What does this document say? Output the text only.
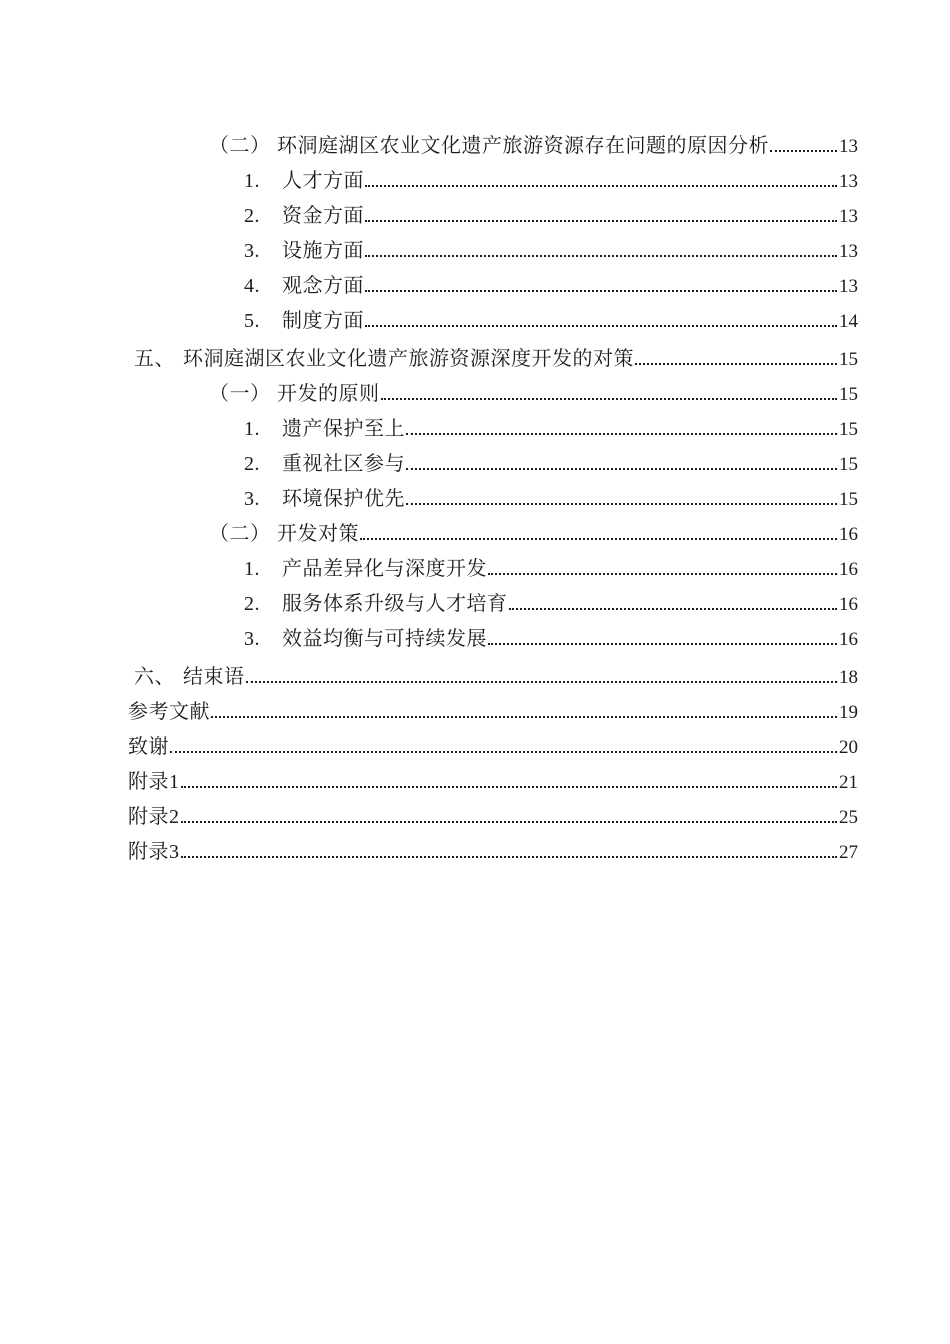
（二） 环洞庭湖区农业文化遗产旅游资源存在问题的原因分析	13
1.	人才方面	13
2.	资金方面	13
3.	设施方面	13
4.	观念方面	13
5.	制度方面	14
五、 环洞庭湖区农业文化遗产旅游资源深度开发的对策	15
（一） 开发的原则	15
1.	遗产保护至上	15
2.	重视社区参与	15
3.	环境保护优先	15
（二） 开发对策	16
1.	产品差异化与深度开发	16
2.	服务体系升级与人才培育	16
3.	效益均衡与可持续发展	16
六、 结束语	18
参考文献	19
致谢	20
附录1	21
附录2	25
附录3	27
